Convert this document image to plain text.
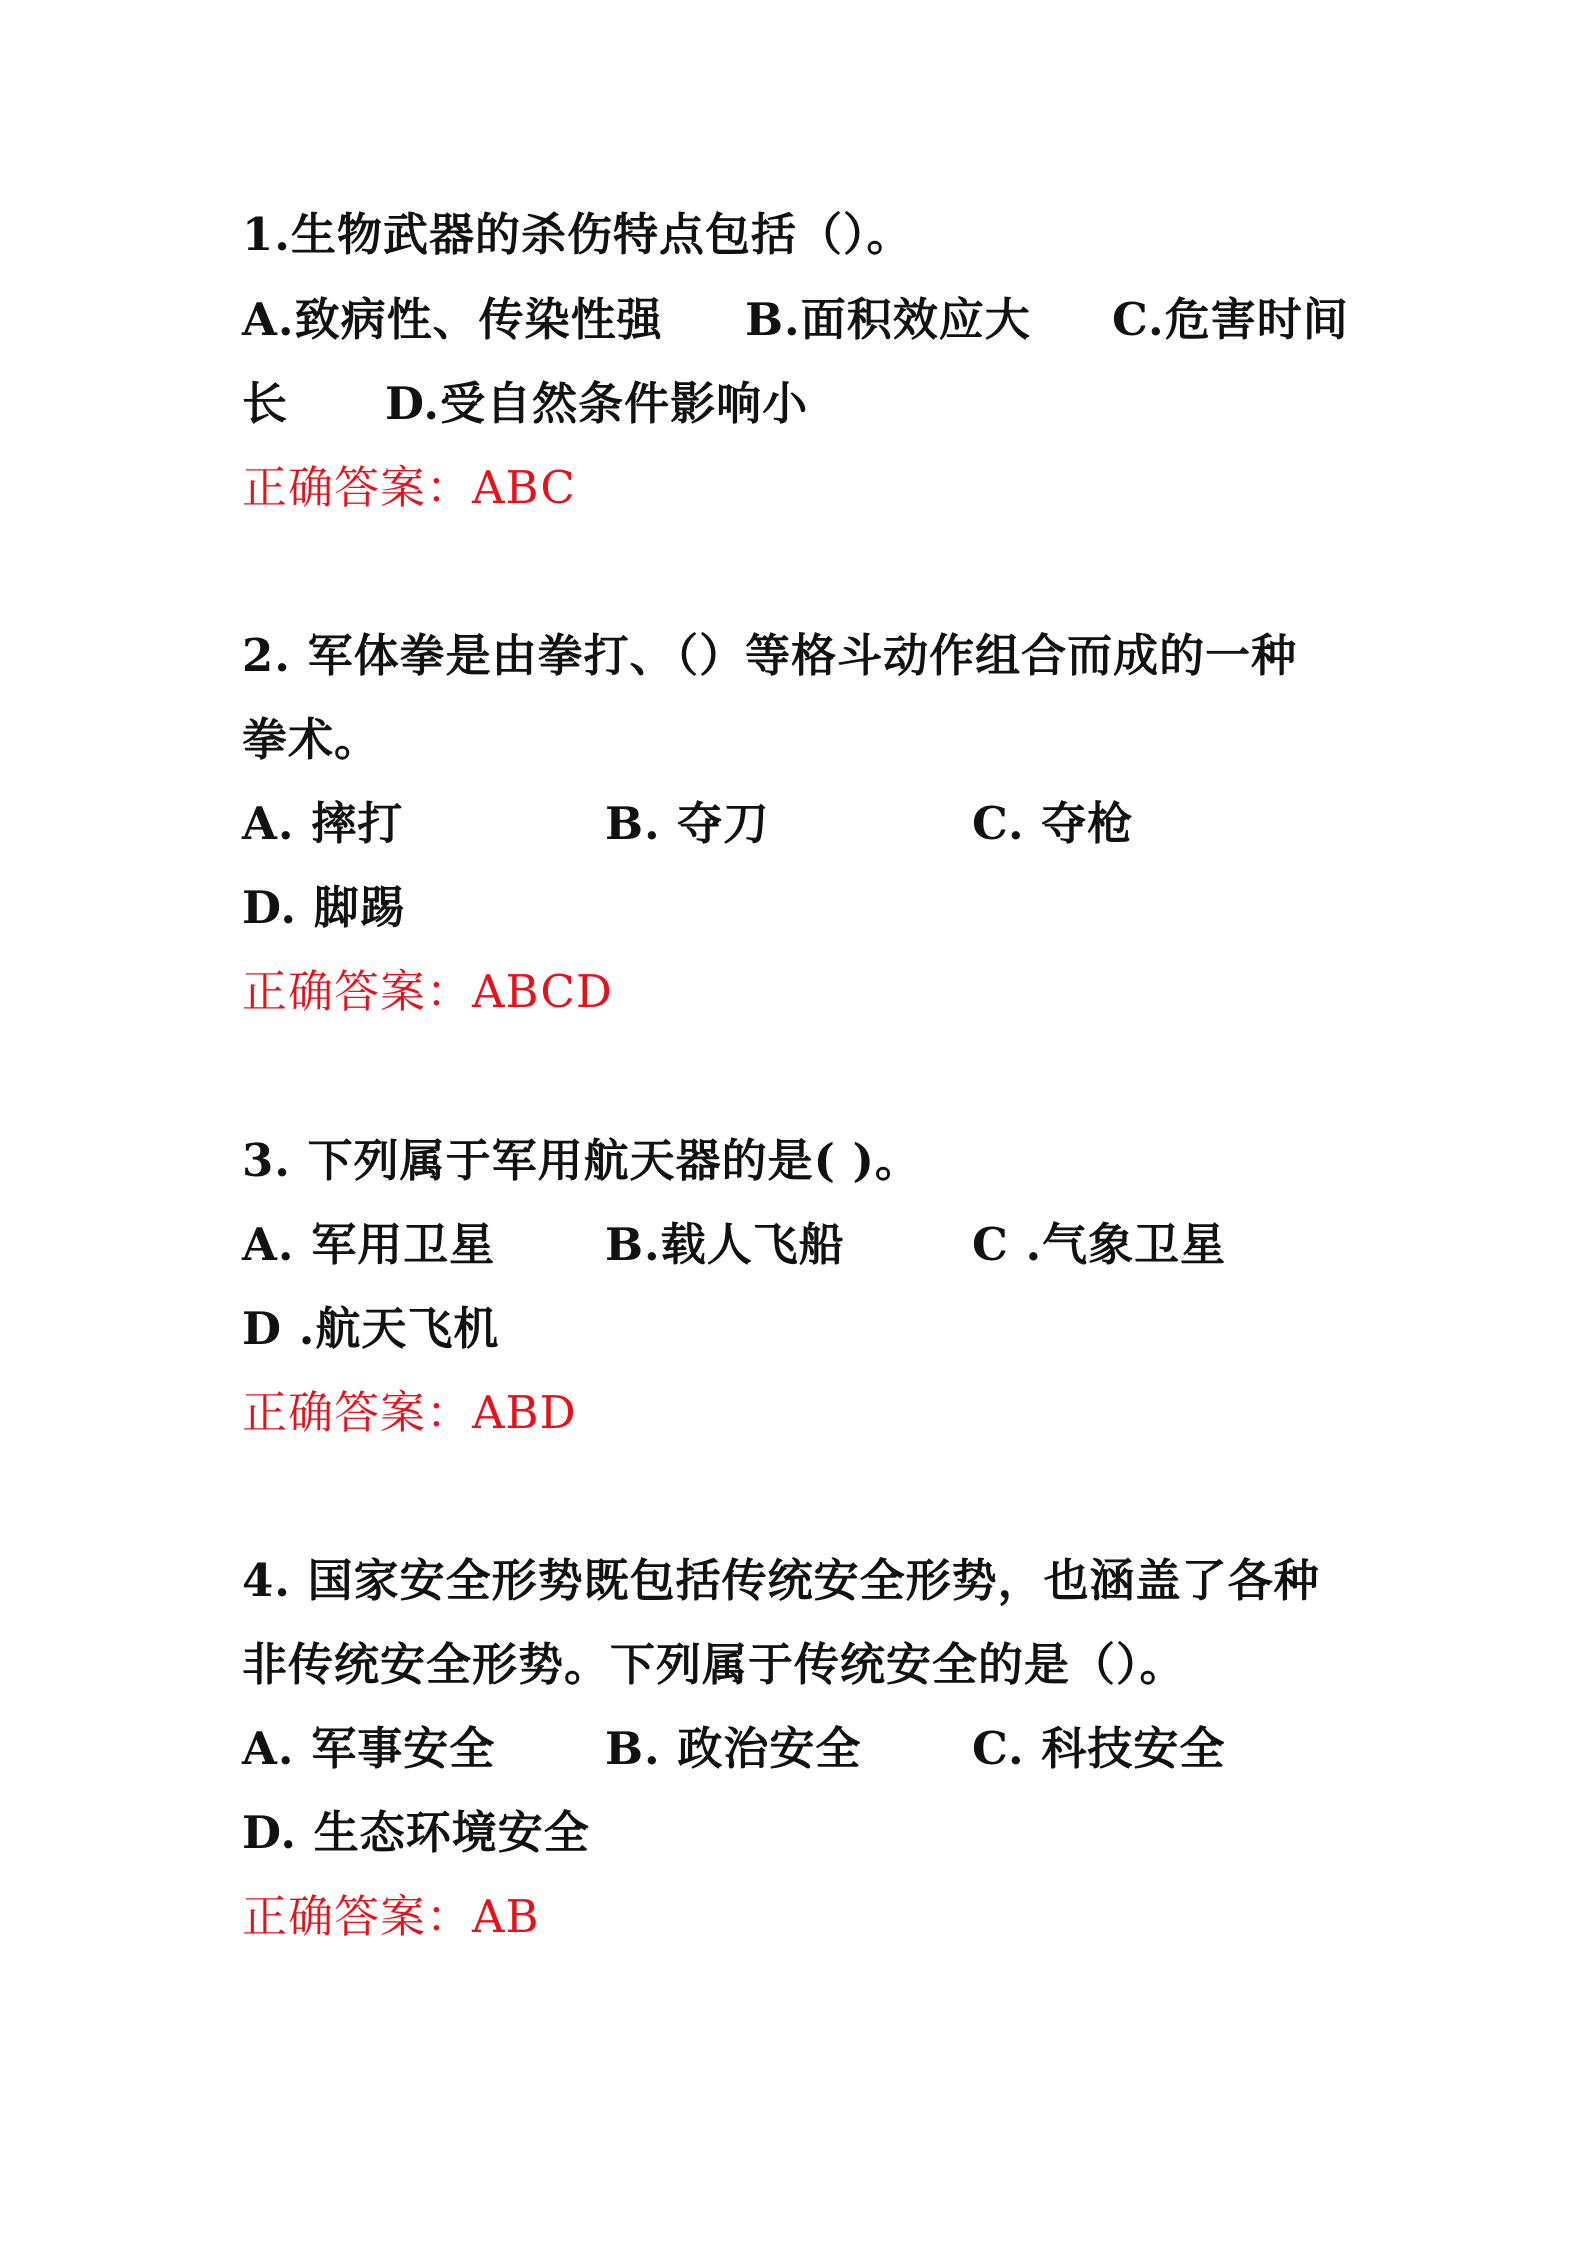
1.生物武器的杀伤特点包括（）。
A.致病性、传染性强 B.面积效应大 C.危害时间
长 D.受自然条件影响小
正确答案：ABC
2. 军体拳是由拳打、（）等格斗动作组合而成的一种
拳术。
A. 摔打	B. 夺刀	C. 夺枪
D. 脚踢
正确答案：ABCD
3. 下列属于军用航天器的是( )。
A. 军用卫星 B.载人飞船	C .气象卫星
D .航天飞机
正确答案：ABD
4. 国家安全形势既包括传统安全形势，也涵盖了各种
非传统安全形势。下列属于传统安全的是（）。
A. 军事安全 B. 政治安全 C. 科技安全
D. 生态环境安全
正确答案：AB
